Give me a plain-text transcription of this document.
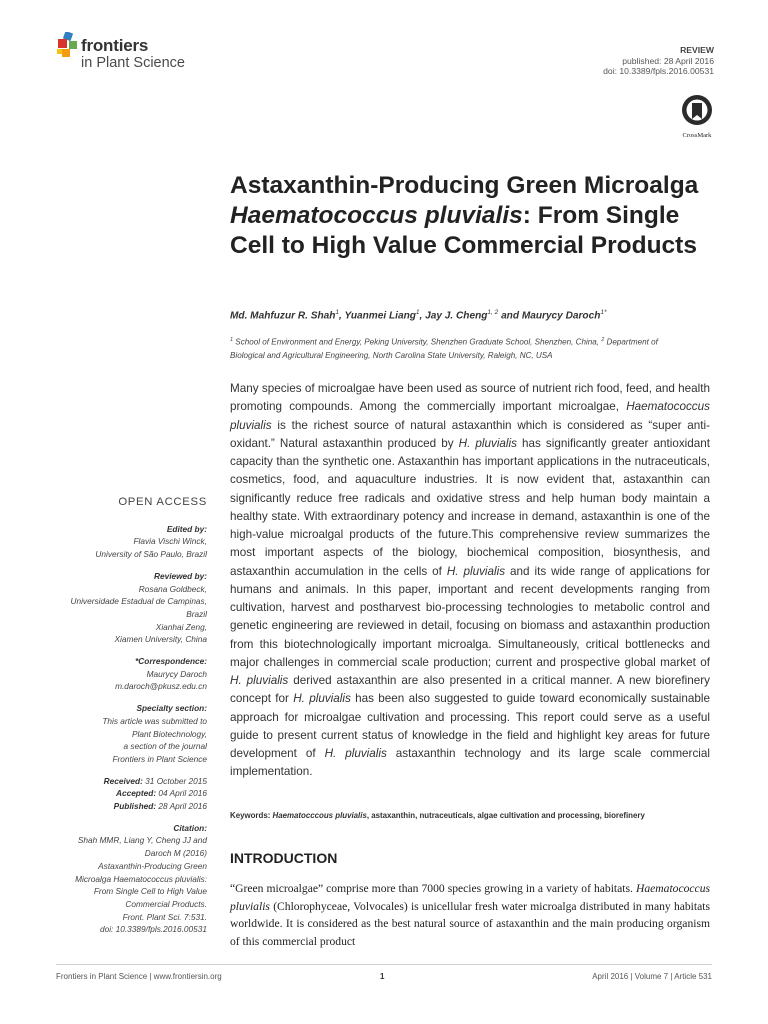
frontiers
in Plant Science
REVIEW
published: 28 April 2016
doi: 10.3389/fpls.2016.00531
CrossMark
Astaxanthin-Producing Green Microalga Haematococcus pluvialis: From Single Cell to High Value Commercial Products
Md. Mahfuzur R. Shah$^1$, Yuanmei Liang$^1$, Jay J. Cheng$^{1, 2}$ and Maurycy Daroch$^{1*}$
$^1$ School of Environment and Energy, Peking University, Shenzhen Graduate School, Shenzhen, China, $^2$ Department of Biological and Agricultural Engineering, North Carolina State University, Raleigh, NC, USA

Many species of microalgae have been used as source of nutrient rich food, feed, and health promoting compounds. Among the commercially important microalgae, Haematococcus pluvialis is the richest source of natural astaxanthin which is considered as “super anti-oxidant.” Natural astaxanthin produced by H. pluvialis has significantly greater antioxidant capacity than the synthetic one. Astaxanthin has important applications in the nutraceuticals, cosmetics, food, and aquaculture industries. It is now evident that, astaxanthin can significantly reduce free radicals and oxidative stress and help human body maintain a healthy state. With extraordinary potency and increase in demand, astaxanthin is one of the high-value microalgal products of the future.This comprehensive review summarizes the most important aspects of the biology, biochemical composition, biosynthesis, and astaxanthin accumulation in the cells of H. pluvialis and its wide range of applications for humans and animals. In this paper, important and recent developments ranging from cultivation, harvest and postharvest bio-processing technologies to metabolic control and genetic engineering are reviewed in detail, focusing on biomass and astaxanthin production from this biotechnologically important microalga. Simultaneously, critical bottlenecks and major challenges in commercial scale production; current and prospective global market of H. pluvialis derived astaxanthin are also presented in a critical manner. A new biorefinery concept for H. pluvialis has been also suggested to guide toward economically sustainable approach for microalgae cultivation and processing. This report could serve as a useful guide to present current status of knowledge in the field and highlight key areas for future development of H. pluvialis astaxanthin technology and its large scale commercial implementation.

Keywords: Haematocccous pluvialis, astaxanthin, nutraceuticals, algae cultivation and processing, biorefinery
INTRODUCTION

“Green microalgae” comprise more than 7000 species growing in a variety of habitats. Haematococcus pluvialis (Chlorophyceae, Volvocales) is unicellular fresh water microalga distributed in many habitats worldwide. It is considered as the best natural source of astaxanthin and the main producing organism of this commercial product

OPEN ACCESS
Edited by:
Flavia Vischi Winck,
University of São Paulo, Brazil
Reviewed by:
Rosana Goldbeck,
Universidade Estadual de Campinas,
Brazil
Xianhai Zeng,
Xiamen University, China
*Correspondence:
Maurycy Daroch
m.daroch@pkusz.edu.cn
Specialty section:
This article was submitted to
Plant Biotechnology,
a section of the journal
Frontiers in Plant Science
Received: 31 October 2015
Accepted: 04 April 2016
Published: 28 April 2016
Citation:
Shah MMR, Liang Y, Cheng JJ and
Daroch M (2016)
Astaxanthin-Producing Green
Microalga Haematococcus pluvialis:
From Single Cell to High Value
Commercial Products.
Front. Plant Sci. 7:531.
doi: 10.3389/fpls.2016.00531
Frontiers in Plant Science | www.frontiersin.org	1	April 2016 | Volume 7 | Article 531
